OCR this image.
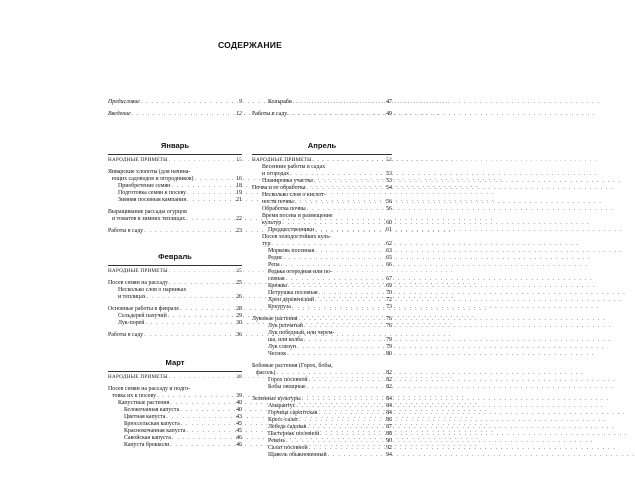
СОДЕРЖАНИЕ
Предисловие . . .	9
Введение . . .	12
Январь
НАРОДНЫЕ ПРИМЕТЫ . . .	15
Январские хлопоты (для начина-
ющих садоводов и огородников) . . .	16
Приобретение семян . . .	18
Подготовка семян к посеву . . .	19
Зимняя посевная кампания . . .	21
Выращивание рассады огурцов
и томатов в зимних теплицах . . .	22
Работы в саду . . .	23
Февраль
НАРОДНЫЕ ПРИМЕТЫ . . .	25
Посев семян на рассаду . . .	25
Несколько слов о парниках
и теплицах . . .	26
Основные работы в феврале . . .	28
Сельдерей пахучий . . .	29
Лук-порей . . .	30
Работы в саду . . .	36
Март
НАРОДНЫЕ ПРИМЕТЫ . . .	38
Посев семян на рассаду и подго-
товка их к посеву . . .	39
Капустные растения . . .	40
Белокочанная капуста . . .	40
Цветная капуста . . .	43
Брюссельская капуста . . .	45
Краснокочанная капуста . . .	45
Савойская капуста . . .	46
Капуста брокколи . . .	46
Кольраби . . .	47
Работы в саду . . .	49
Апрель
НАРОДНЫЕ ПРИМЕТЫ . . .	52
Весенние работы в садах
и огородах . . .	53
Планировка участка . . .	53
Почва и ее обработка . . .	54
Несколько слов о кислот-
ности почвы . . .	56
Обработка почвы . . .	56
Время посева и размещение
культур . . .	60
Предшественники . . .	61
Посев холодостойких куль-
тур . . .	62
Морковь посевная . . .	63
Редис . . .	65
Репа . . .	66
Редька огородная или по-
севная . . .	67
Брюква . . .	69
Петрушка посевная . . .	70
Хрен деревенский . . .	72
Кукуруза . . .	73
Луковые растения . . .	76
Лук репчатый . . .	76
Лук победный, или черем-
ша, или колба . . .	79
Лук слизун . . .	79
Чеснок . . .	80
Бобовые растения (Горох, бобы,
фасоль) . . .	82
Горох посевной . . .	82
Бобы овощные . . .	82
Зеленные культуры . . .	84
Амарантус . . .	84
Горчица сарептская . . .	84
Кресс-салат . . .	86
Лебеда садовая . . .	87
Пастернак посевной . . .	88
Ревень . . .	90
Салат посевной . . .	92
Щавель обыкновенный . . .	94
